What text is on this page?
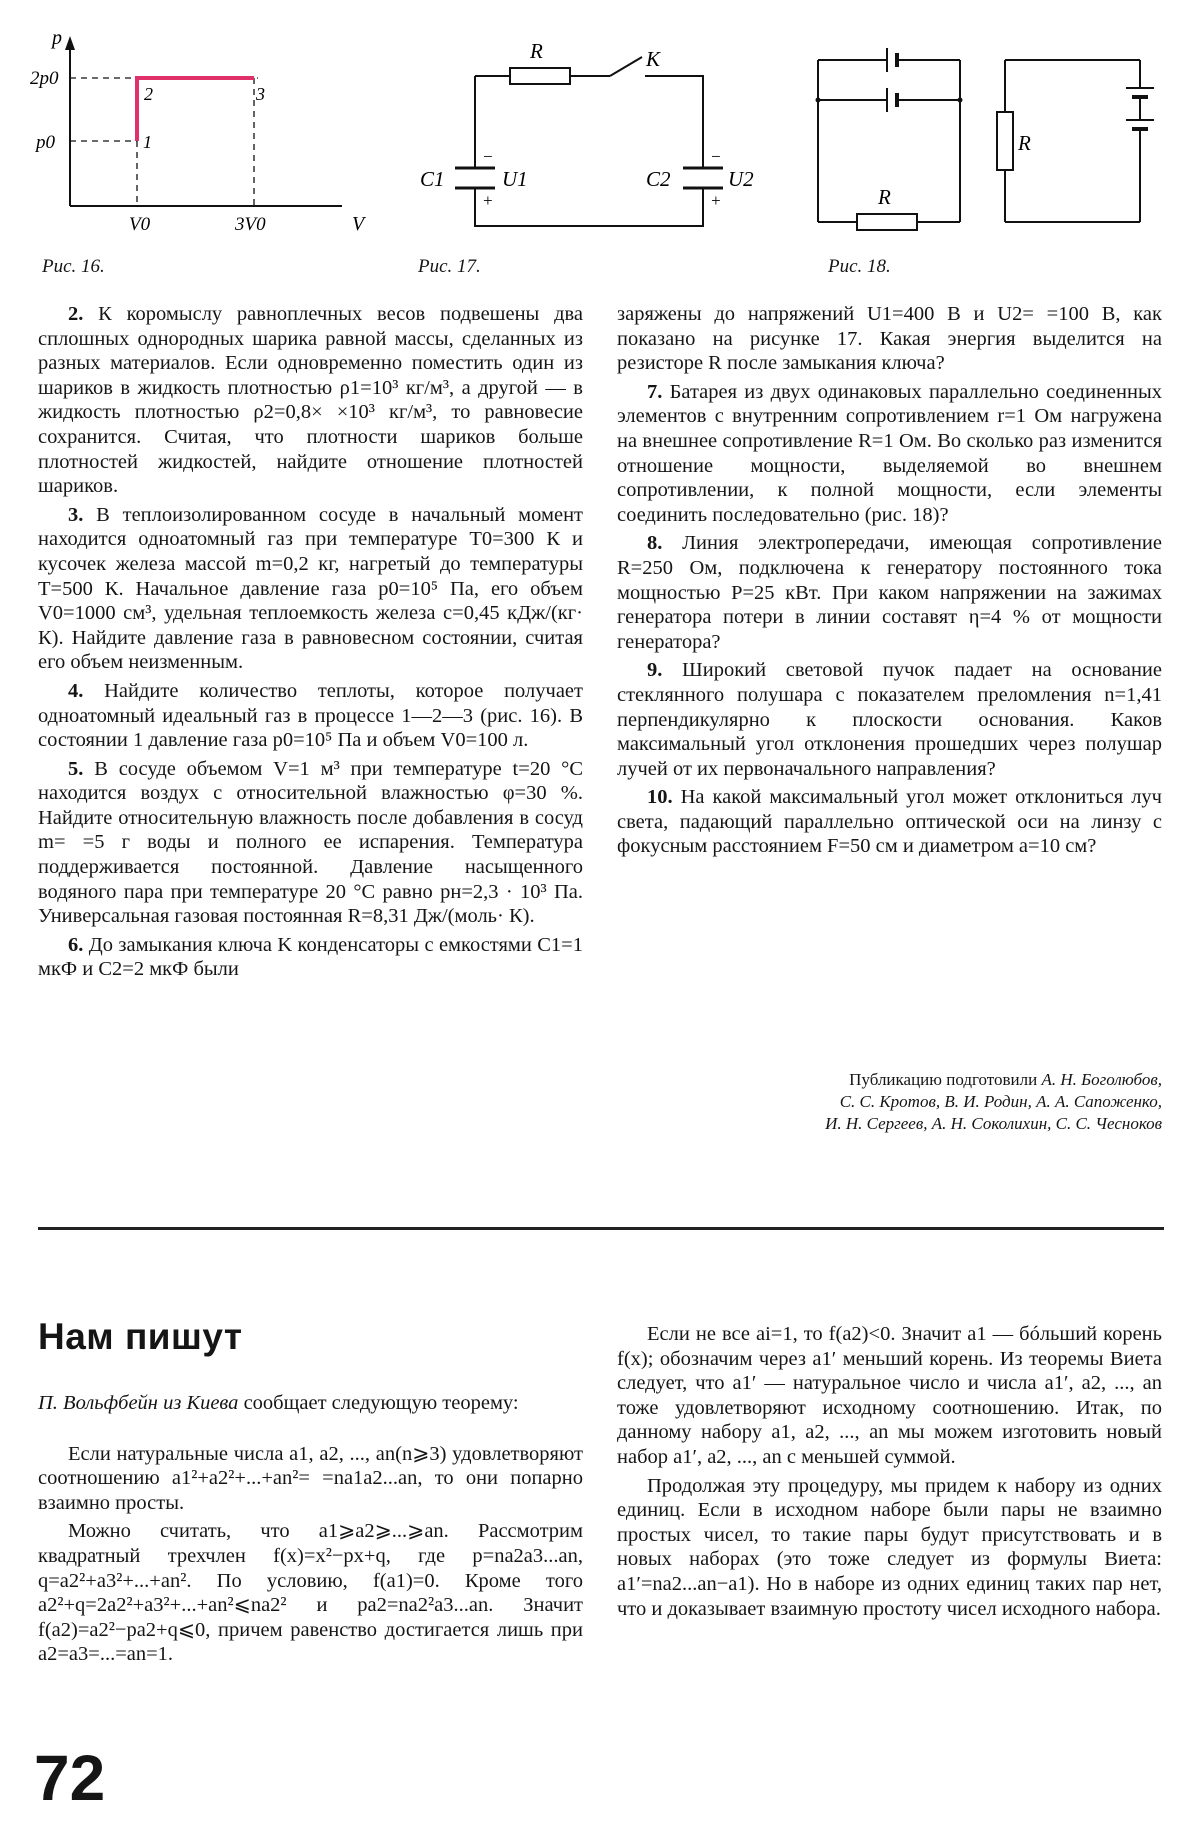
p
2p0
p0	1
2	3
V0	3V0	V
Рис. 16.
R	K
C1	U1	C2	U2
−
+
−
+
Рис. 17.
R
R
Рис. 18.

2. К коромыслу равноплечных весов подвешены два сплошных однородных шарика равной массы, сделанных из разных материалов. Если одновременно поместить один из шариков в жидкость плотностью ρ1=10³ кг/м³, а другой — в жидкость плотностью ρ2=0,8× ×10³ кг/м³, то равновесие сохранится. Считая, что плотности шариков больше плотностей жидкостей, найдите отношение плотностей шариков.

3. В теплоизолированном сосуде в начальный момент находится одноатомный газ при температуре T0=300 К и кусочек железа массой m=0,2 кг, нагретый до температуры T=500 К. Начальное давление газа p0=10⁵ Па, его объем V0=1000 см³, удельная теплоемкость железа c=0,45 кДж/(кг· К). Найдите давление газа в равновесном состоянии, считая его объем неизменным.

4. Найдите количество теплоты, которое получает одноатомный идеальный газ в процессе 1—2—3 (рис. 16). В состоянии 1 давление газа p0=10⁵ Па и объем V0=100 л.

5. В сосуде объемом V=1 м³ при температуре t=20 °С находится воздух с относительной влажностью φ=30 %. Найдите относительную влажность после добавления в сосуд m= =5 г воды и полного ее испарения. Температура поддерживается постоянной. Давление насыщенного водяного пара при температуре 20 °С равно pн=2,3 · 10³ Па. Универсальная газовая постоянная R=8,31 Дж/(моль· К).

6. До замыкания ключа K конденсаторы с емкостями C1=1 мкФ и C2=2 мкФ были

заряжены до напряжений U1=400 В и U2= =100 В, как показано на рисунке 17. Какая энергия выделится на резисторе R после замыкания ключа?

7. Батарея из двух одинаковых параллельно соединенных элементов с внутренним сопротивлением r=1 Ом нагружена на внешнее сопротивление R=1 Ом. Во сколько раз изменится отношение мощности, выделяемой во внешнем сопротивлении, к полной мощности, если элементы соединить последовательно (рис. 18)?

8. Линия электропередачи, имеющая сопротивление R=250 Ом, подключена к генератору постоянного тока мощностью P=25 кВт. При каком напряжении на зажимах генератора потери в линии составят η=4 % от мощности генератора?

9. Широкий световой пучок падает на основание стеклянного полушара с показателем преломления n=1,41 перпендикулярно к плоскости основания. Каков максимальный угол отклонения прошедших через полушар лучей от их первоначального направления?

10. На какой максимальный угол может отклониться луч света, падающий параллельно оптической оси на линзу с фокусным расстоянием F=50 см и диаметром a=10 см?

Публикацию подготовили А. Н. Боголюбов,
С. С. Кротов, В. И. Родин, А. А. Сапоженко,
И. Н. Сергеев, А. Н. Соколихин, С. С. Чесноков
Нам пишут

П. Вольфбейн из Киева сообщает следующую теорему:

Если натуральные числа a1, a2, ..., an(n⩾3) удовлетворяют соотношению a1²+a2²+...+an²= =na1a2...an, то они попарно взаимно просты.

Можно считать, что a1⩾a2⩾...⩾an. Рассмотрим квадратный трехчлен f(x)=x²−px+q, где p=na2a3...an, q=a2²+a3²+...+an². По условию, f(a1)=0. Кроме того a2²+q=2a2²+a3²+...+an²⩽na2² и pa2=na2²a3...an. Значит f(a2)=a2²−pa2+q⩽0, причем равенство достигается лишь при a2=a3=...=an=1.

Если не все ai=1, то f(a2)<0. Значит a1 — бóльший корень f(x); обозначим через a1′ меньший корень. Из теоремы Виета следует, что a1′ — натуральное число и числа a1′, a2, ..., an тоже удовлетворяют исходному соотношению. Итак, по данному набору a1, a2, ..., an мы можем изготовить новый набор a1′, a2, ..., an с меньшей суммой.

Продолжая эту процедуру, мы придем к набору из одних единиц. Если в исходном наборе были пары не взаимно простых чисел, то такие пары будут присутствовать и в новых наборах (это тоже следует из формулы Виета: a1′=na2...an−a1). Но в наборе из одних единиц таких пар нет, что и доказывает взаимную простоту чисел исходного набора.

72
